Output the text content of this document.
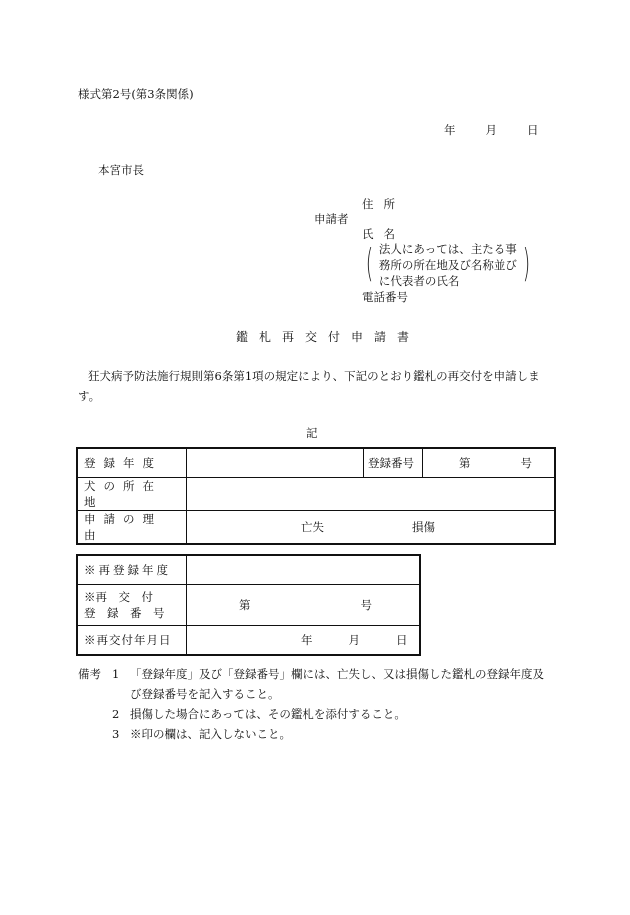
様式第2号(第3条関係)
年	月	日
本宮市長
住所
申請者
氏名
( 法人にあっては、主たる事
務所の所在地及び名称並び
に代表者の氏名 )
電話番号
鑑札再交付申請書
狂犬病予防法施行規則第6条第1項の規定により、下記のとおり鑑札の再交付を申請します。
記
登録年度		登録番号	第 号
犬の所在地			
申請の理由	亡失 損傷		
※再登録年度	
※再　交　付
登　録　番　号	第 号
※再交付年月日	年 月 日
備考 1 「登録年度」及び「登録番号」欄には、亡失し、又は損傷した鑑札の登録年度及び登録番号を記入すること。
2 損傷した場合にあっては、その鑑札を添付すること。
3 ※印の欄は、記入しないこと。
